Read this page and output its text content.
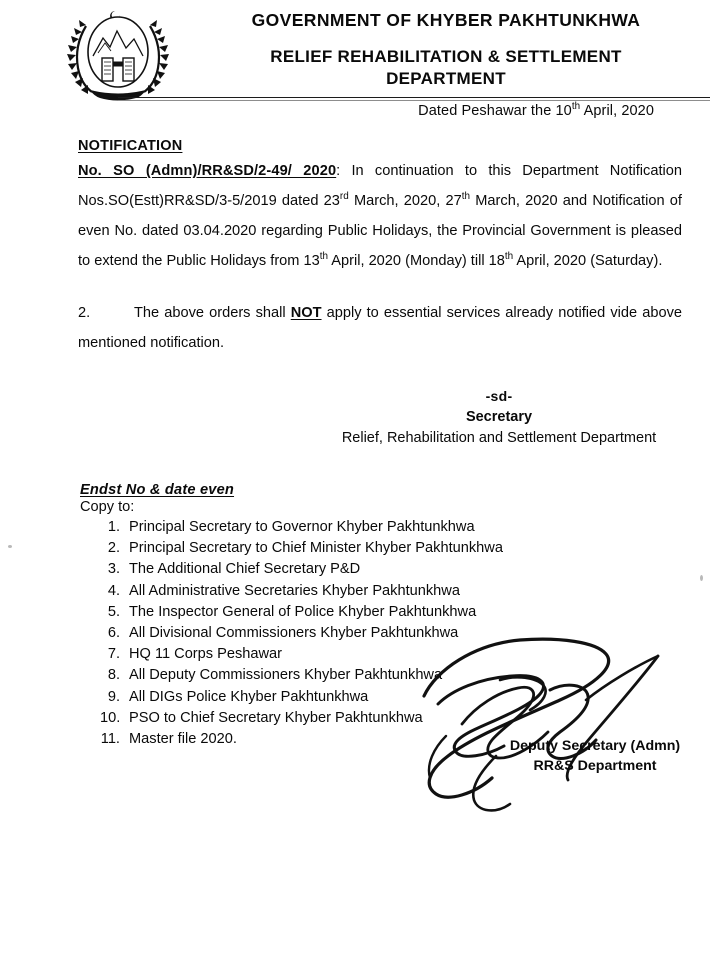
GOVERNMENT OF KHYBER PAKHTUNKHWA
RELIEF REHABILITATION & SETTLEMENT
DEPARTMENT
Dated Peshawar the 10th April, 2020
NOTIFICATION
No. SO (Admn)/RR&SD/2-49/ 2020: In continuation to this Department Notification Nos.SO(Estt)RR&SD/3-5/2019 dated 23rd March, 2020, 27th March, 2020 and Notification of even No. dated 03.04.2020 regarding Public Holidays, the Provincial Government is pleased to extend the Public Holidays from 13th April, 2020 (Monday) till 18th April, 2020 (Saturday).
2.	The above orders shall NOT apply to essential services already notified vide above mentioned notification.
-sd-
Secretary
Relief, Rehabilitation and Settlement Department
Endst No & date even
Copy to:
1. Principal Secretary to Governor Khyber Pakhtunkhwa
2. Principal Secretary to Chief Minister Khyber Pakhtunkhwa
3. The Additional Chief Secretary P&D
4. All Administrative Secretaries Khyber Pakhtunkhwa
5. The Inspector General of Police Khyber Pakhtunkhwa
6. All Divisional Commissioners Khyber Pakhtunkhwa
7. HQ 11 Corps Peshawar
8. All Deputy Commissioners Khyber Pakhtunkhwa
9. All DIGs Police Khyber Pakhtunkhwa
10. PSO to Chief Secretary Khyber Pakhtunkhwa
11. Master file 2020.	Deputy Secretary (Admn)
RR&S Department
